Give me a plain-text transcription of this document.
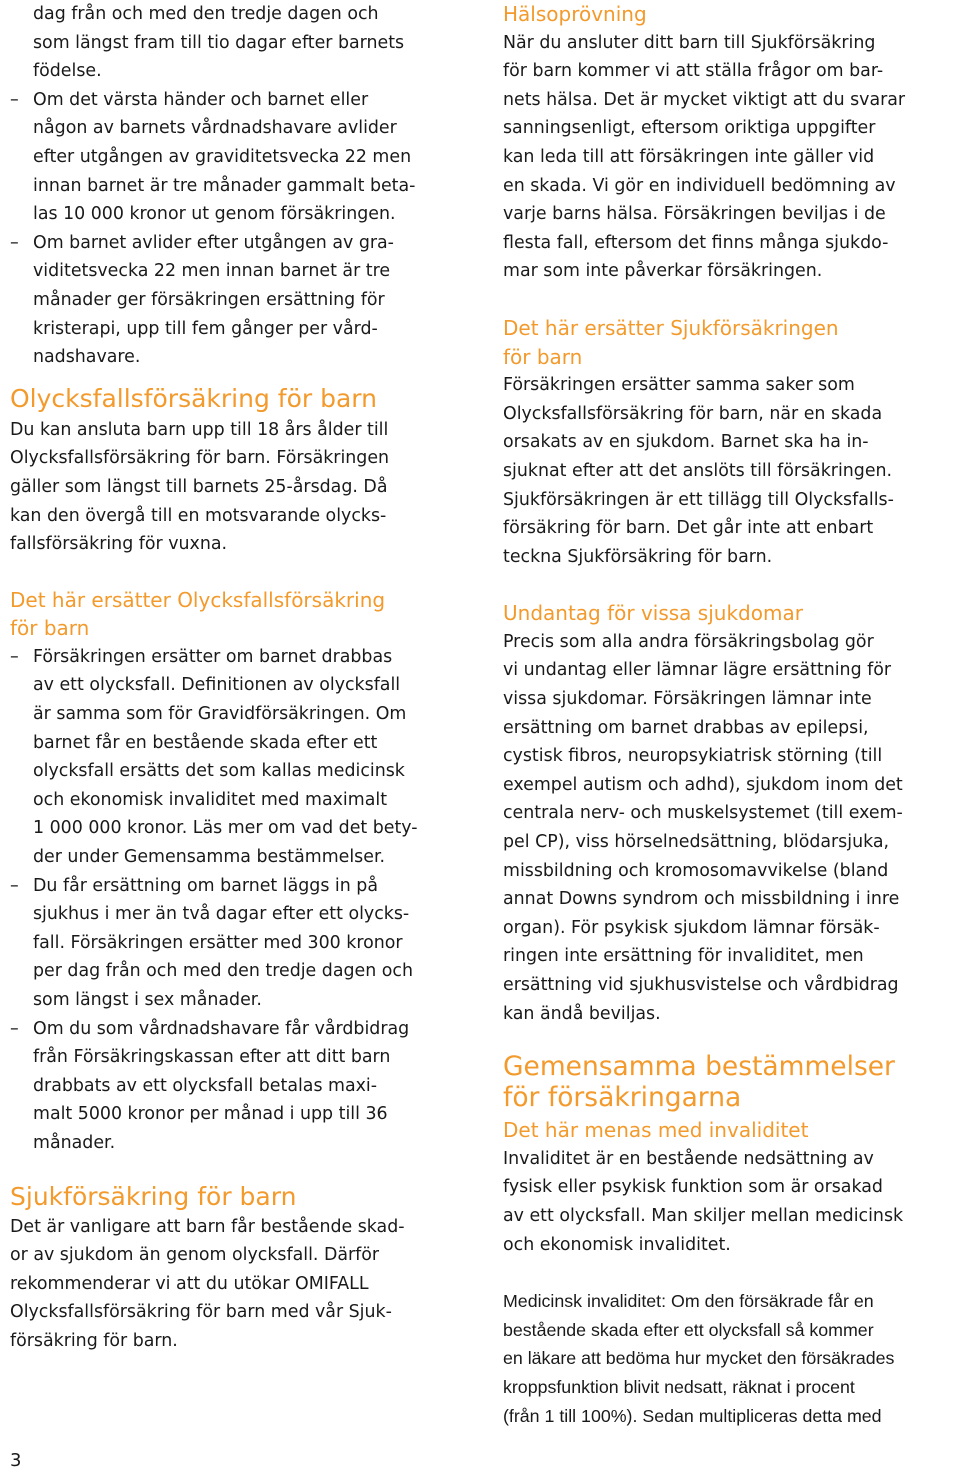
dag från och med den tredje dagen och
som längst fram till tio dagar efter barnets
födelse.
– Om det värsta händer och barnet eller
någon av barnets vårdnadshavare avlider
efter utgången av graviditetsvecka 22 men
innan barnet är tre månader gammalt beta-
las 10 000 kronor ut genom försäkringen.
– Om barnet avlider efter utgången av gra-
viditetsvecka 22 men innan barnet är tre
månader ger försäkringen ersättning för
kristerapi, upp till fem gånger per vård-
nadshavare.
Olycksfallsförsäkring för barn
Du kan ansluta barn upp till 18 års ålder till
Olycksfallsförsäkring för barn. Försäkringen
gäller som längst till barnets 25-årsdag. Då
kan den övergå till en motsvarande olycks-
fallsförsäkring för vuxna.
Det här ersätter Olycksfallsförsäkring
för barn
– Försäkringen ersätter om barnet drabbas
av ett olycksfall. Definitionen av olycksfall
är samma som för Gravidförsäkringen. Om
barnet får en bestående skada efter ett
olycksfall ersätts det som kallas medicinsk
och ekonomisk invaliditet med maximalt
1 000 000 kronor. Läs mer om vad det bety-
der under Gemensamma bestämmelser.
– Du får ersättning om barnet läggs in på
sjukhus i mer än två dagar efter ett olycks-
fall. Försäkringen ersätter med 300 kronor
per dag från och med den tredje dagen och
som längst i sex månader.
– Om du som vårdnadshavare får vårdbidrag
från Försäkringskassan efter att ditt barn
drabbats av ett olycksfall betalas maxi-
malt 5000 kronor per månad i upp till 36
månader.
Sjukförsäkring för barn
Det är vanligare att barn får bestående skad-
or av sjukdom än genom olycksfall. Därför
rekommenderar vi att du utökar OMIFALL
Olycksfallsförsäkring för barn med vår Sjuk-
försäkring för barn.
3
Hälsoprövning
När du ansluter ditt barn till Sjukförsäkring
för barn kommer vi att ställa frågor om bar-
nets hälsa. Det är mycket viktigt att du svarar
sanningsenligt, eftersom oriktiga uppgifter
kan leda till att försäkringen inte gäller vid
en skada. Vi gör en individuell bedömning av
varje barns hälsa. Försäkringen beviljas i de
flesta fall, eftersom det finns många sjukdo-
mar som inte påverkar försäkringen.
Det här ersätter Sjukförsäkringen
för barn
Försäkringen ersätter samma saker som
Olycksfallsförsäkring för barn, när en skada
orsakats av en sjukdom. Barnet ska ha in-
sjuknat efter att det anslöts till försäkringen.
Sjukförsäkringen är ett tillägg till Olycksfalls-
försäkring för barn. Det går inte att enbart
teckna Sjukförsäkring för barn.
Undantag för vissa sjukdomar
Precis som alla andra försäkringsbolag gör
vi undantag eller lämnar lägre ersättning för
vissa sjukdomar. Försäkringen lämnar inte
ersättning om barnet drabbas av epilepsi,
cystisk fibros, neuropsykiatrisk störning (till
exempel autism och adhd), sjukdom inom det
centrala nerv- och muskelsystemet (till exem-
pel CP), viss hörselnedsättning, blödarsjuka,
missbildning och kromosomavvikelse (bland
annat Downs syndrom och missbildning i inre
organ). För psykisk sjukdom lämnar försäk-
ringen inte ersättning för invaliditet, men
ersättning vid sjukhusvistelse och vårdbidrag
kan ändå beviljas.
Gemensamma bestämmelser
för försäkringarna
Det här menas med invaliditet
Invaliditet är en bestående nedsättning av
fysisk eller psykisk funktion som är orsakad
av ett olycksfall. Man skiljer mellan medicinsk
och ekonomisk invaliditet.
Medicinsk invaliditet: Om den försäkrade får en
bestående skada efter ett olycksfall så kommer
en läkare att bedöma hur mycket den försäkrades
kroppsfunktion blivit nedsatt, räknat i procent
(från 1 till 100%). Sedan multipliceras detta med
